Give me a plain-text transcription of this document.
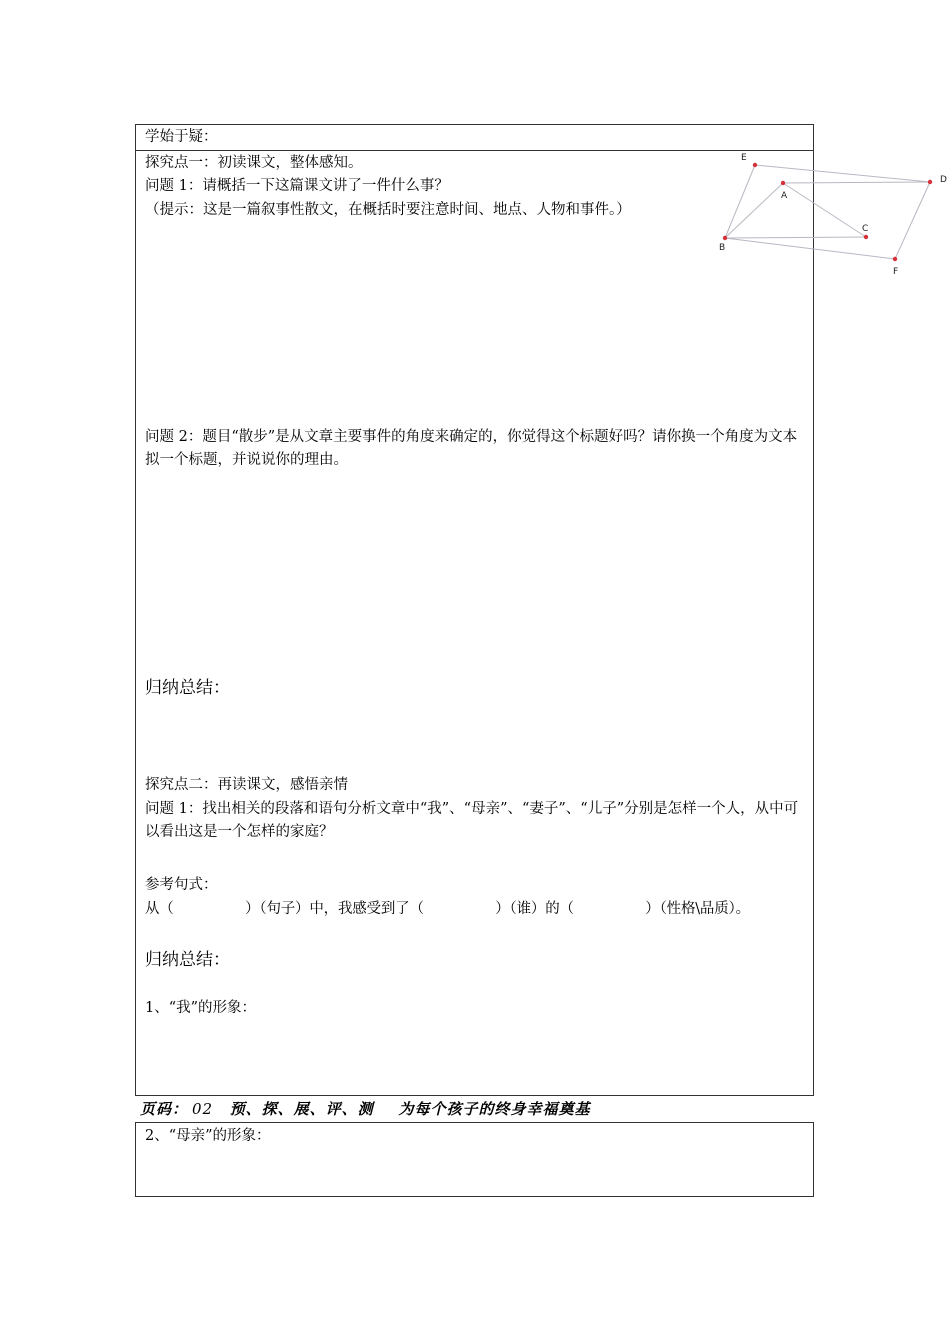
学始于疑：
探究点一：初读课文，整体感知。
问题 1：请概括一下这篇课文讲了一件什么事？
（提示：这是一篇叙事性散文，在概括时要注意时间、地点、人物和事件。）
问题 2：题目“散步”是从文章主要事件的角度来确定的，你觉得这个标题好吗？请你换一个角度为文本拟一个标题，并说说你的理由。
归纳总结：
探究点二：再读课文，感悟亲情
问题 1：找出相关的段落和语句分析文章中“我”、“母亲”、“妻子”、“儿子”分别是怎样一个人，从中可以看出这是一个怎样的家庭？
参考句式：
从（　　　　　）（句子）中，我感受到了（　　　　　）（谁）的（　　　　　）（性格\品质）。
归纳总结：
1、“我”的形象：
E
A
D
C
B
F
页码： 02 预、探、展、评、测 为每个孩子的终身幸福奠基
2、“母亲”的形象：
